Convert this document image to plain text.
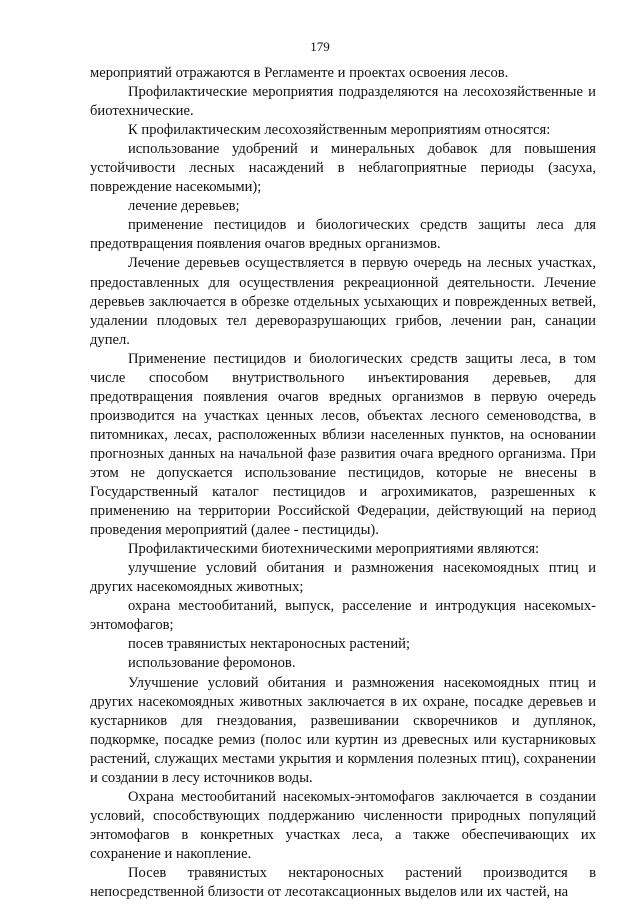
179

мероприятий отражаются в Регламенте и проектах освоения лесов.

Профилактические мероприятия подразделяются на лесохозяйственные и биотехнические.

К профилактическим лесохозяйственным мероприятиям относятся:

использование удобрений и минеральных добавок для повышения устойчивости лесных насаждений в неблагоприятные периоды (засуха, повреждение насекомыми);

лечение деревьев;

применение пестицидов и биологических средств защиты леса для предотвращения появления очагов вредных организмов.

Лечение деревьев осуществляется в первую очередь на лесных участках, предоставленных для осуществления рекреационной деятельности. Лечение деревьев заключается в обрезке отдельных усыхающих и поврежденных ветвей, удалении плодовых тел дереворазрушающих грибов, лечении ран, санации дупел.

Применение пестицидов и биологических средств защиты леса, в том числе способом внутриствольного инъектирования деревьев, для предотвращения появления очагов вредных организмов в первую очередь производится на участках ценных лесов, объектах лесного семеноводства, в питомниках, лесах, расположенных вблизи населенных пунктов, на основании прогнозных данных на начальной фазе развития очага вредного организма. При этом не допускается использование пестицидов, которые не внесены в Государственный каталог пестицидов и агрохимикатов, разрешенных к применению на территории Российской Федерации, действующий на период проведения мероприятий (далее - пестициды).

Профилактическими биотехническими мероприятиями являются:

улучшение условий обитания и размножения насекомоядных птиц и других насекомоядных животных;

охрана местообитаний, выпуск, расселение и интродукция насекомых-энтомофагов;

посев травянистых нектароносных растений;

использование феромонов.

Улучшение условий обитания и размножения насекомоядных птиц и других насекомоядных животных заключается в их охране, посадке деревьев и кустарников для гнездования, развешивании скворечников и дуплянок, подкормке, посадке ремиз (полос или куртин из древесных или кустарниковых растений, служащих местами укрытия и кормления полезных птиц), сохранении и создании в лесу источников воды.

Охрана местообитаний насекомых-энтомофагов заключается в создании условий, способствующих поддержанию численности природных популяций энтомофагов в конкретных участках леса, а также обеспечивающих их сохранение и накопление.

Посев травянистых нектароносных растений производится в непосредственной близости от лесотаксационных выделов или их частей, на
